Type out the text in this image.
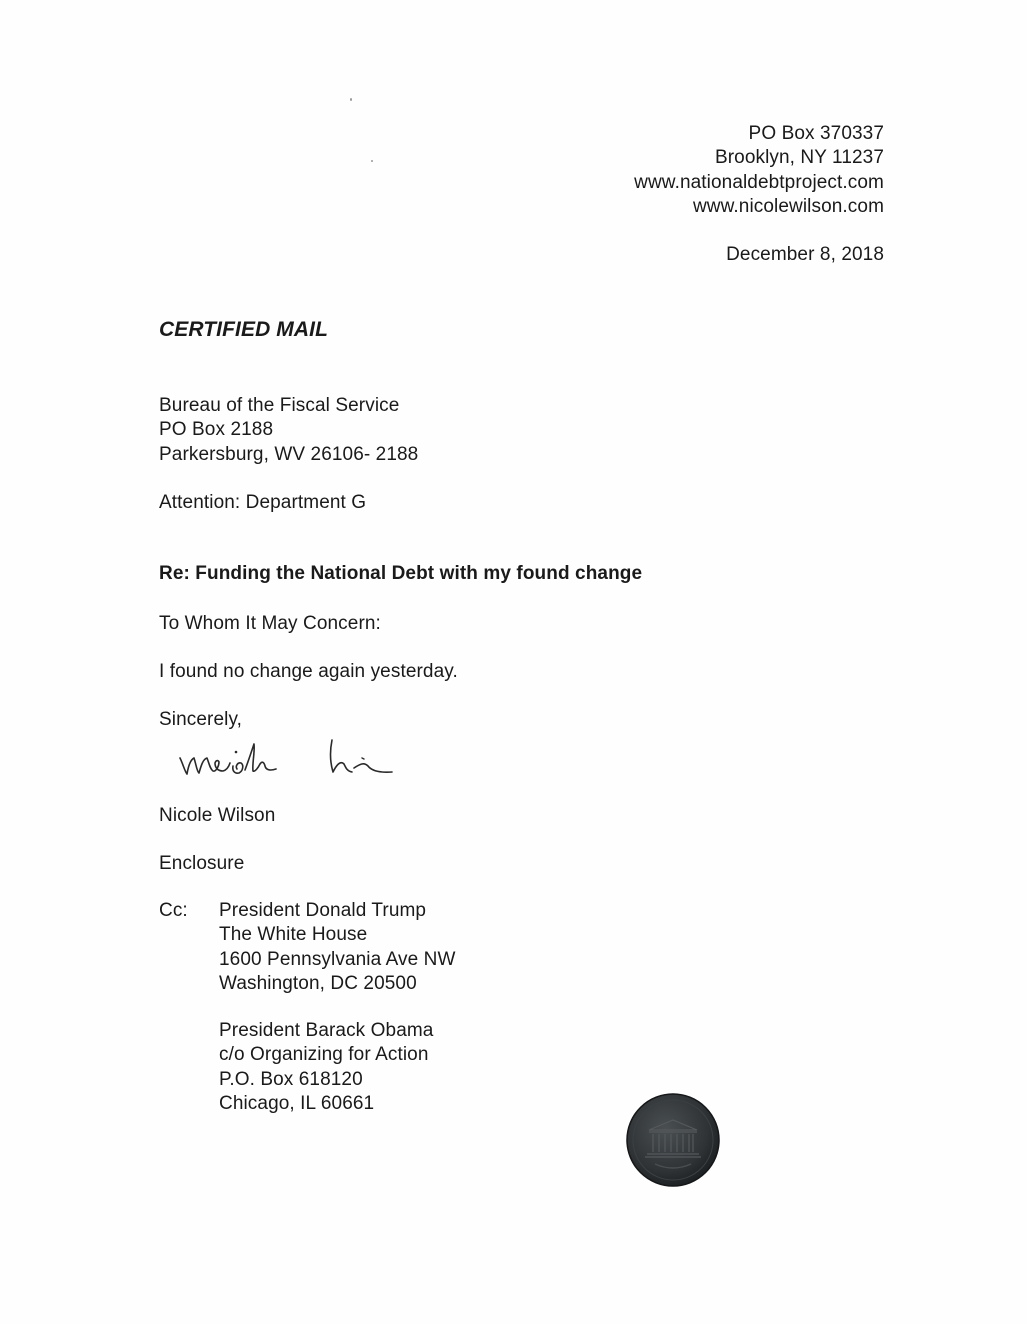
PO Box 370337
Brooklyn, NY 11237
www.nationaldebtproject.com
www.nicolewilson.com
December 8, 2018
CERTIFIED MAIL
Bureau of the Fiscal Service
PO Box 2188
Parkersburg, WV 26106- 2188
Attention: Department G
Re: Funding the National Debt with my found change
To Whom It May Concern:
I found no change again yesterday.
Sincerely,
Nicole Wilson
Enclosure
Cc: President Donald Trump
The White House
1600 Pennsylvania Ave NW
Washington, DC 20500
President Barack Obama
c/o Organizing for Action
P.O. Box 618120
Chicago, IL 60661
